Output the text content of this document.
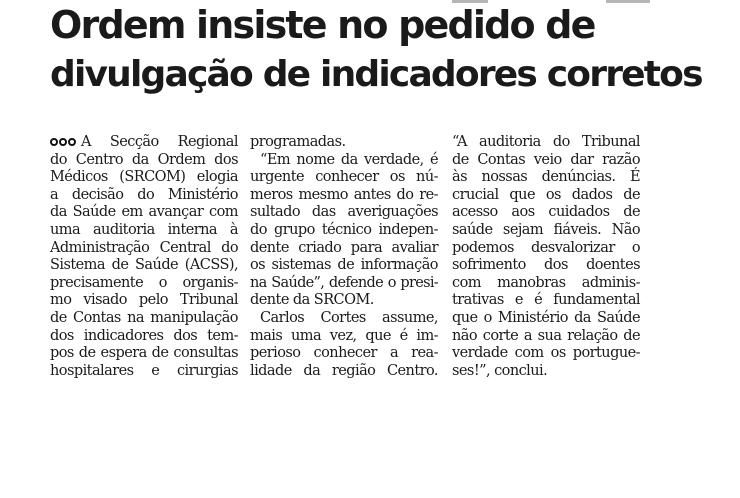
Ordem insiste no pedido de
divulgação de indicadores corretos
A Secção Regional
do Centro da Ordem dos
Médicos (SRCOM) elogia
a decisão do Ministério
da Saúde em avançar com
uma auditoria interna à
Administração Central do
Sistema de Saúde (ACSS),
precisamente o organis-
mo visado pelo Tribunal
de Contas na manipulação
dos indicadores dos tem-
pos de espera de consultas
hospitalares e cirurgias
programadas.
“Em nome da verdade, é
urgente conhecer os nú-
meros mesmo antes do re-
sultado das averiguações
do grupo técnico indepen-
dente criado para avaliar
os sistemas de informação
na Saúde”, defende o presi-
dente da SRCOM.
Carlos Cortes assume,
mais uma vez, que é im-
perioso conhecer a rea-
lidade da região Centro.
“A auditoria do Tribunal
de Contas veio dar razão
às nossas denúncias. É
crucial que os dados de
acesso aos cuidados de
saúde sejam fiáveis. Não
podemos desvalorizar o
sofrimento dos doentes
com manobras adminis-
trativas e é fundamental
que o Ministério da Saúde
não corte a sua relação de
verdade com os portugue-
ses!”, conclui.
